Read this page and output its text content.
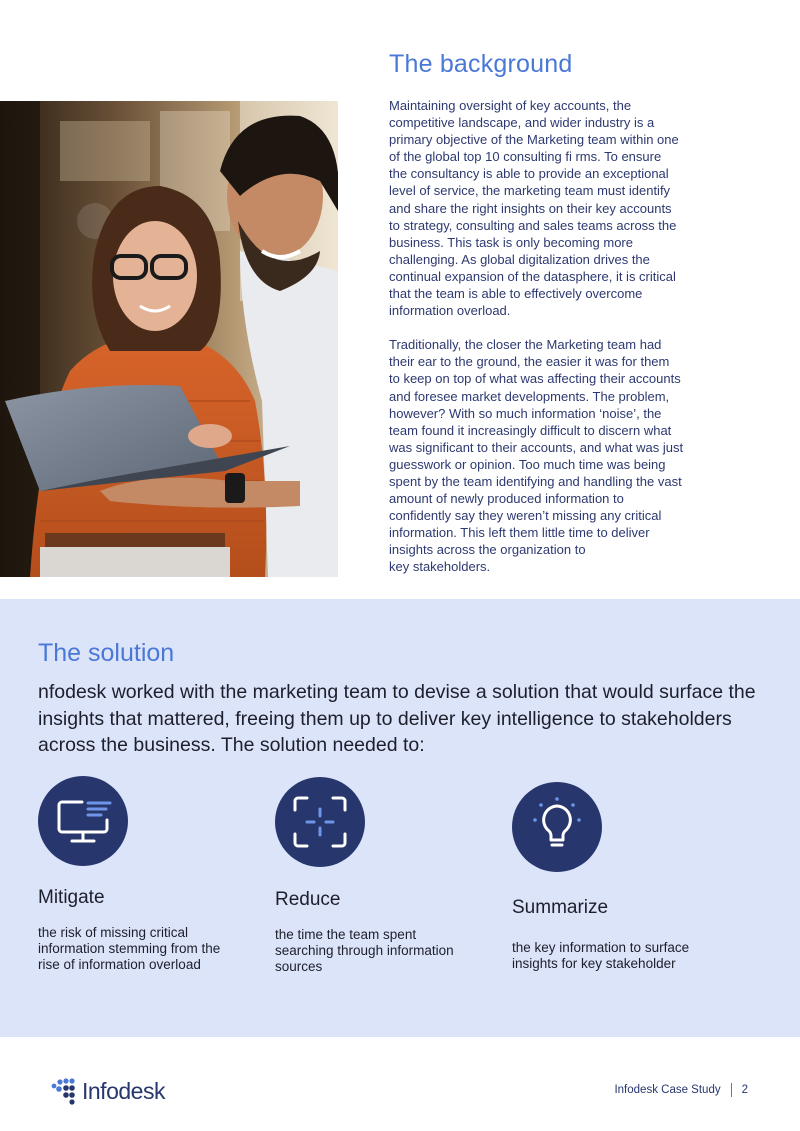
The background

Maintaining oversight of key accounts, the
competitive landscape, and wider industry is a
primary objective of the Marketing team within one
of the global top 10 consulting fi rms. To ensure
the consultancy is able to provide an exceptional
level of service, the marketing team must identify
and share the right insights on their key accounts
to strategy, consulting and sales teams across the
business. This task is only becoming more
challenging. As global digitalization drives the
continual expansion of the datasphere, it is critical
that the team is able to effectively overcome
information overload.

Traditionally, the closer the Marketing team had
their ear to the ground, the easier it was for them
to keep on top of what was affecting their accounts
and foresee market developments. The problem,
however? With so much information ‘noise’, the
team found it increasingly difficult to discern what
was significant to their accounts, and what was just
guesswork or opinion. Too much time was being
spent by the team identifying and handling the vast
amount of newly produced information to
confidently say they weren’t missing any critical
information. This left them little time to deliver
insights across the organization to
key stakeholders.

The solution

nfodesk worked with the marketing team to devise a solution that would surface the insights that mattered, freeing them up to deliver key intelligence to stakeholders across the business. The solution needed to:

Mitigate
the risk of missing critical information stemming from the rise of information overload
Reduce
the time the team spent searching through information sources
Summarize
the key information to surface insights for key stakeholder
Infodesk	Infodesk Case Study 2
